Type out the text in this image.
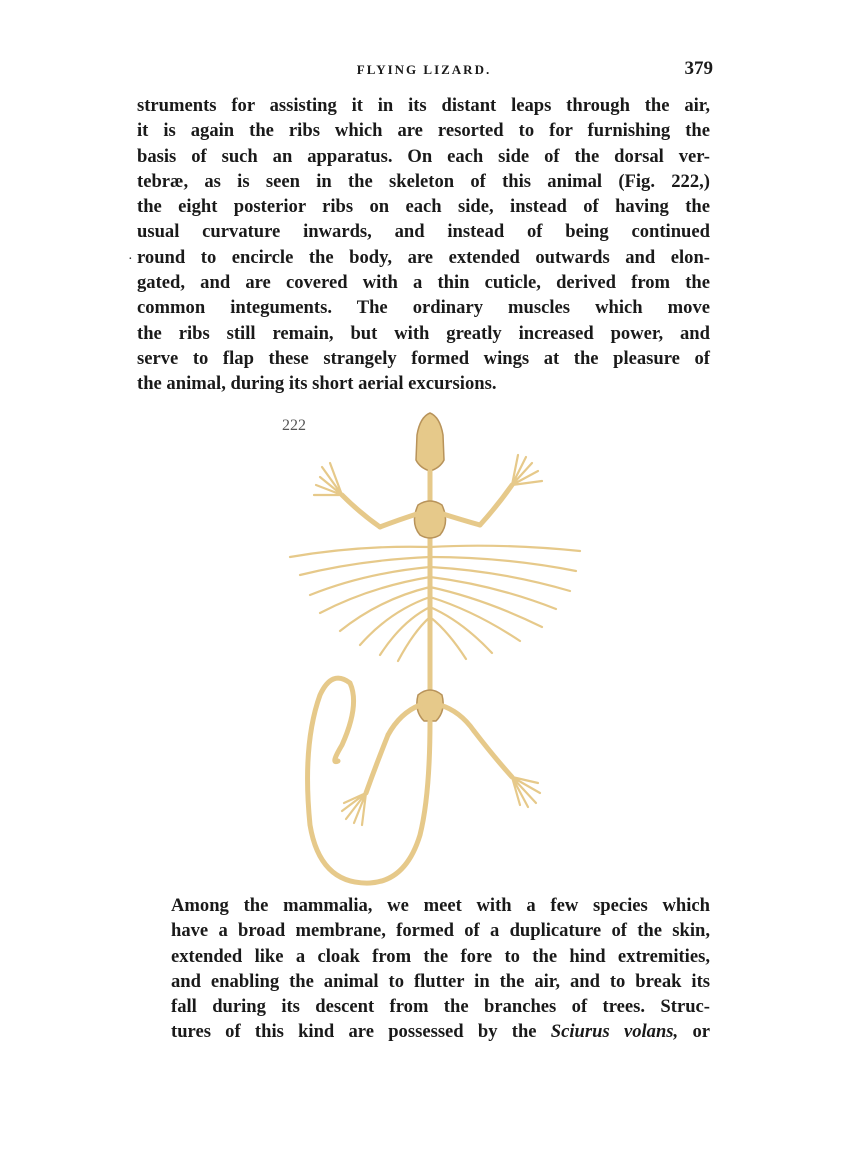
FLYING LIZARD.	379
·

struments for assisting it in its distant leaps through the air,
it is again the ribs which are resorted to for furnishing the
basis of such an apparatus. On each side of the dorsal ver-
tebræ, as is seen in the skeleton of this animal (Fig. 222,)
the eight posterior ribs on each side, instead of having the
usual curvature inwards, and instead of being continued
round to encircle the body, are extended outwards and elon-
gated, and are covered with a thin cuticle, derived from the
common integuments. The ordinary muscles which move
the ribs still remain, but with greatly increased power, and
serve to flap these strangely formed wings at the pleasure of
the animal, during its short aerial excursions.

222

Among the mammalia, we meet with a few species which
have a broad membrane, formed of a duplicature of the skin,
extended like a cloak from the fore to the hind extremities,
and enabling the animal to flutter in the air, and to break its
fall during its descent from the branches of trees. Struc-
tures of this kind are possessed by the Sciurus volans, or
